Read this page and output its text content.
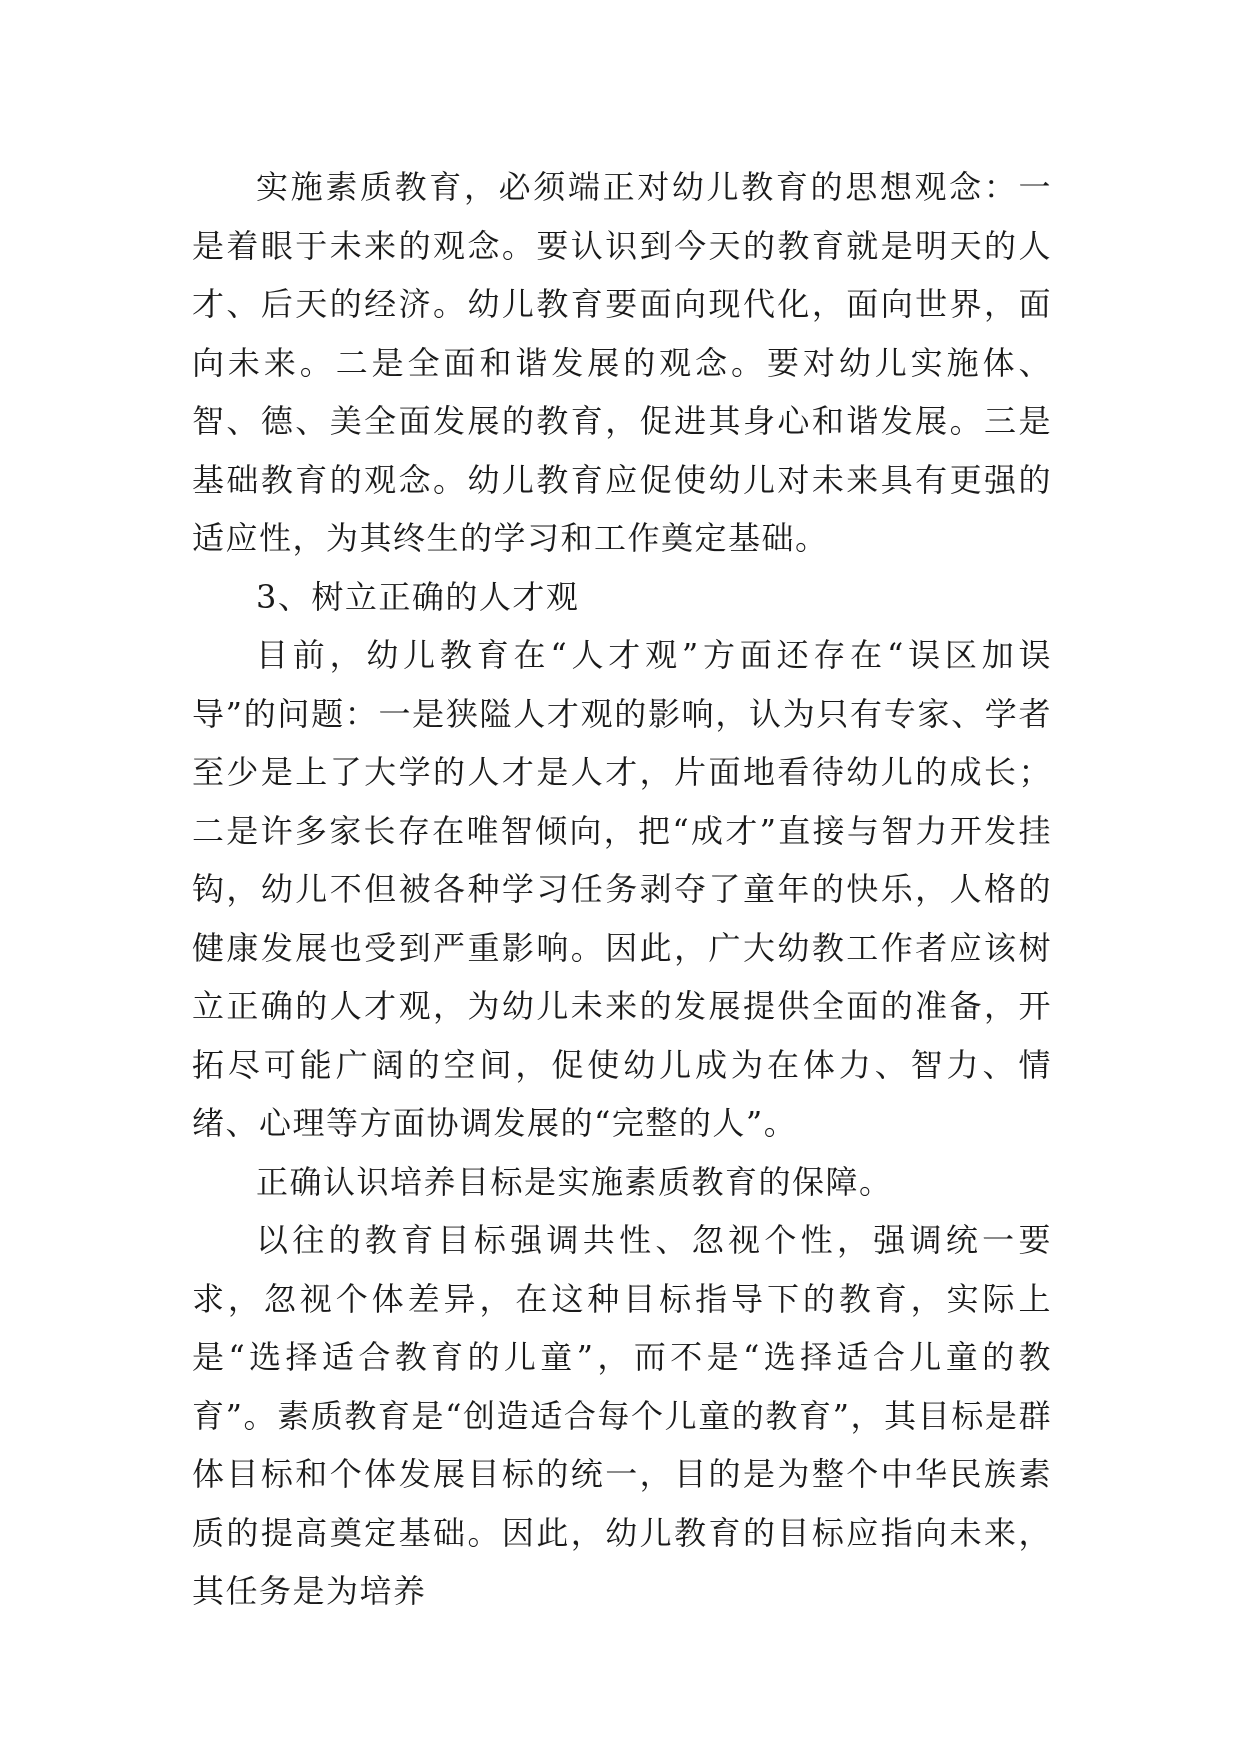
实施素质教育，必须端正对幼儿教育的思想观念：一是着眼于未来的观念。要认识到今天的教育就是明天的人才、后天的经济。幼儿教育要面向现代化，面向世界，面向未来。二是全面和谐发展的观念。要对幼儿实施体、智、德、美全面发展的教育，促进其身心和谐发展。三是基础教育的观念。幼儿教育应促使幼儿对未来具有更强的适应性，为其终生的学习和工作奠定基础。

3、树立正确的人才观

目前，幼儿教育在“人才观”方面还存在“误区加误导”的问题：一是狭隘人才观的影响，认为只有专家、学者至少是上了大学的人才是人才，片面地看待幼儿的成长；二是许多家长存在唯智倾向，把“成才”直接与智力开发挂钩，幼儿不但被各种学习任务剥夺了童年的快乐，人格的健康发展也受到严重影响。因此，广大幼教工作者应该树立正确的人才观，为幼儿未来的发展提供全面的准备，开拓尽可能广阔的空间，促使幼儿成为在体力、智力、情绪、心理等方面协调发展的“完整的人”。

正确认识培养目标是实施素质教育的保障。

以往的教育目标强调共性、忽视个性，强调统一要求，忽视个体差异，在这种目标指导下的教育，实际上是“选择适合教育的儿童”，而不是“选择适合儿童的教育”。素质教育是“创造适合每个儿童的教育”，其目标是群体目标和个体发展目标的统一，目的是为整个中华民族素质的提高奠定基础。因此，幼儿教育的目标应指向未来，其任务是为培养
